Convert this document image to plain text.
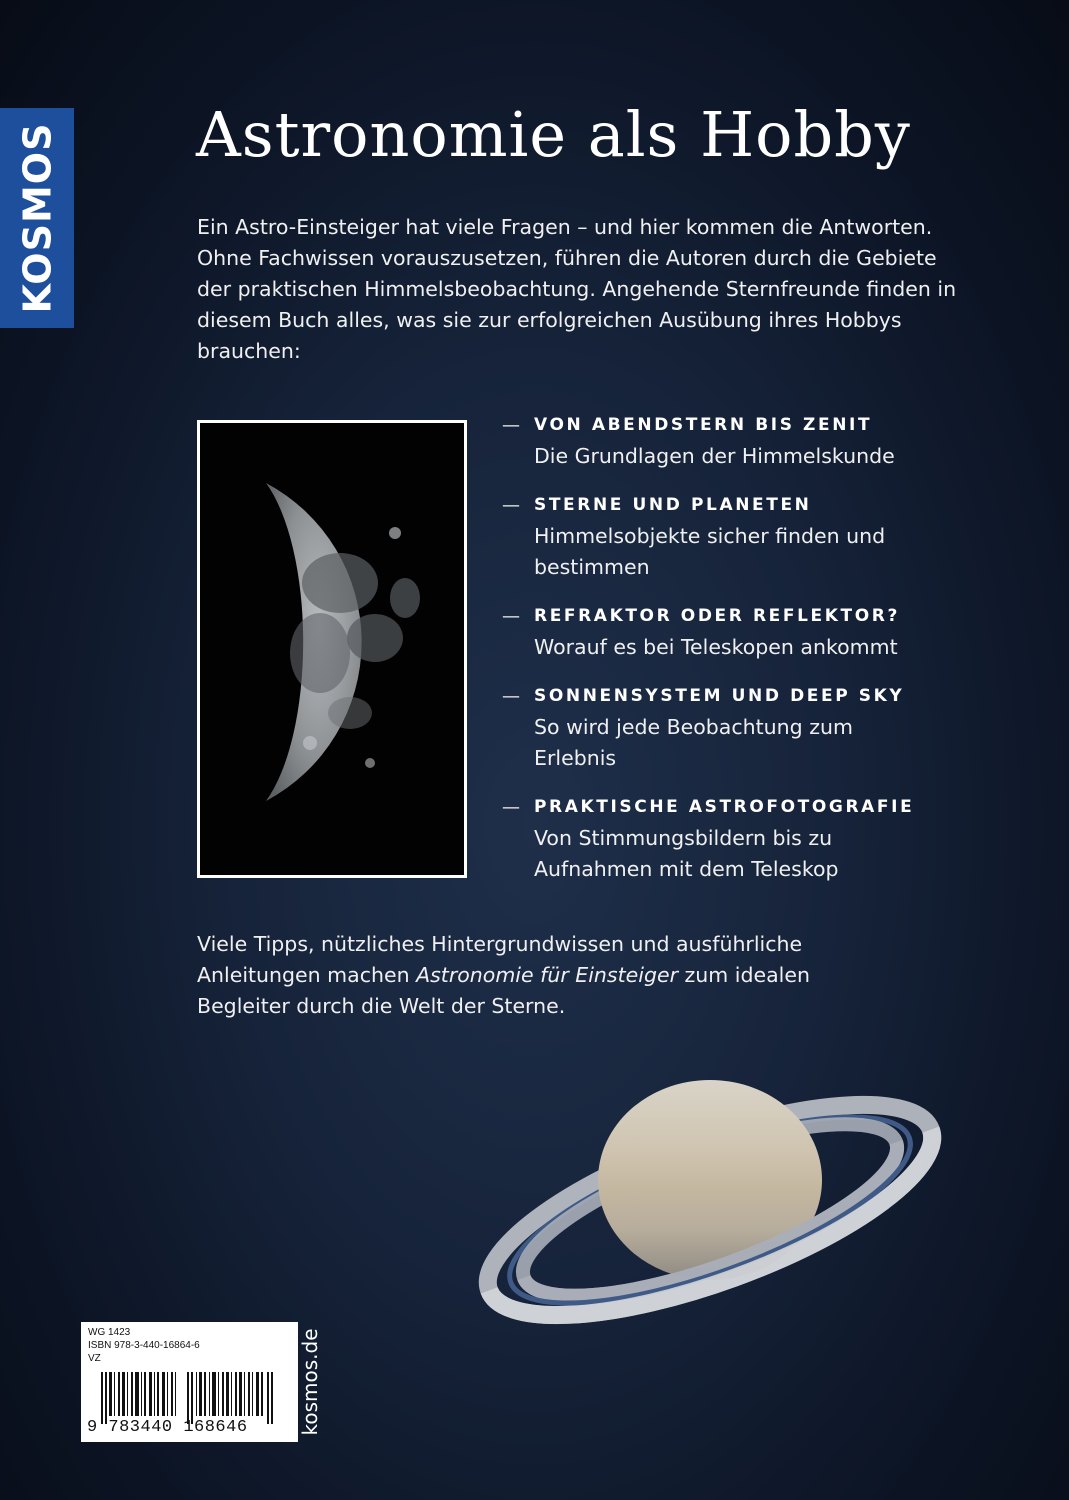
KOSMOS Astronomie als Hobby

Ein Astro-Einsteiger hat viele Fragen – und hier kommen die Antworten. Ohne Fachwissen vorauszusetzen, führen die Autoren durch die Gebiete der praktischen Himmelsbeobachtung. Angehende Sternfreunde finden in diesem Buch alles, was sie zur erfolgreichen Ausübung ihres Hobbys brauchen:

— VON ABENDSTERN BIS ZENIT
Die Grundlagen der Himmelskunde
— STERNE UND PLANETEN
Himmelsobjekte sicher finden und bestimmen
— REFRAKTOR ODER REFLEKTOR?
Worauf es bei Teleskopen ankommt
— SONNENSYSTEM UND DEEP SKY
So wird jede Beobachtung zum Erlebnis
— PRAKTISCHE ASTROFOTOGRAFIE
Von Stimmungsbildern bis zu Aufnahmen mit dem Teleskop

Viele Tipps, nützliches Hintergrundwissen und ausführliche Anleitungen machen Astronomie für Einsteiger zum idealen Begleiter durch die Welt der Sterne.

WG 1423
ISBN 978-3-440-16864-6
VZ
9 783440 168646	kosmos.de
